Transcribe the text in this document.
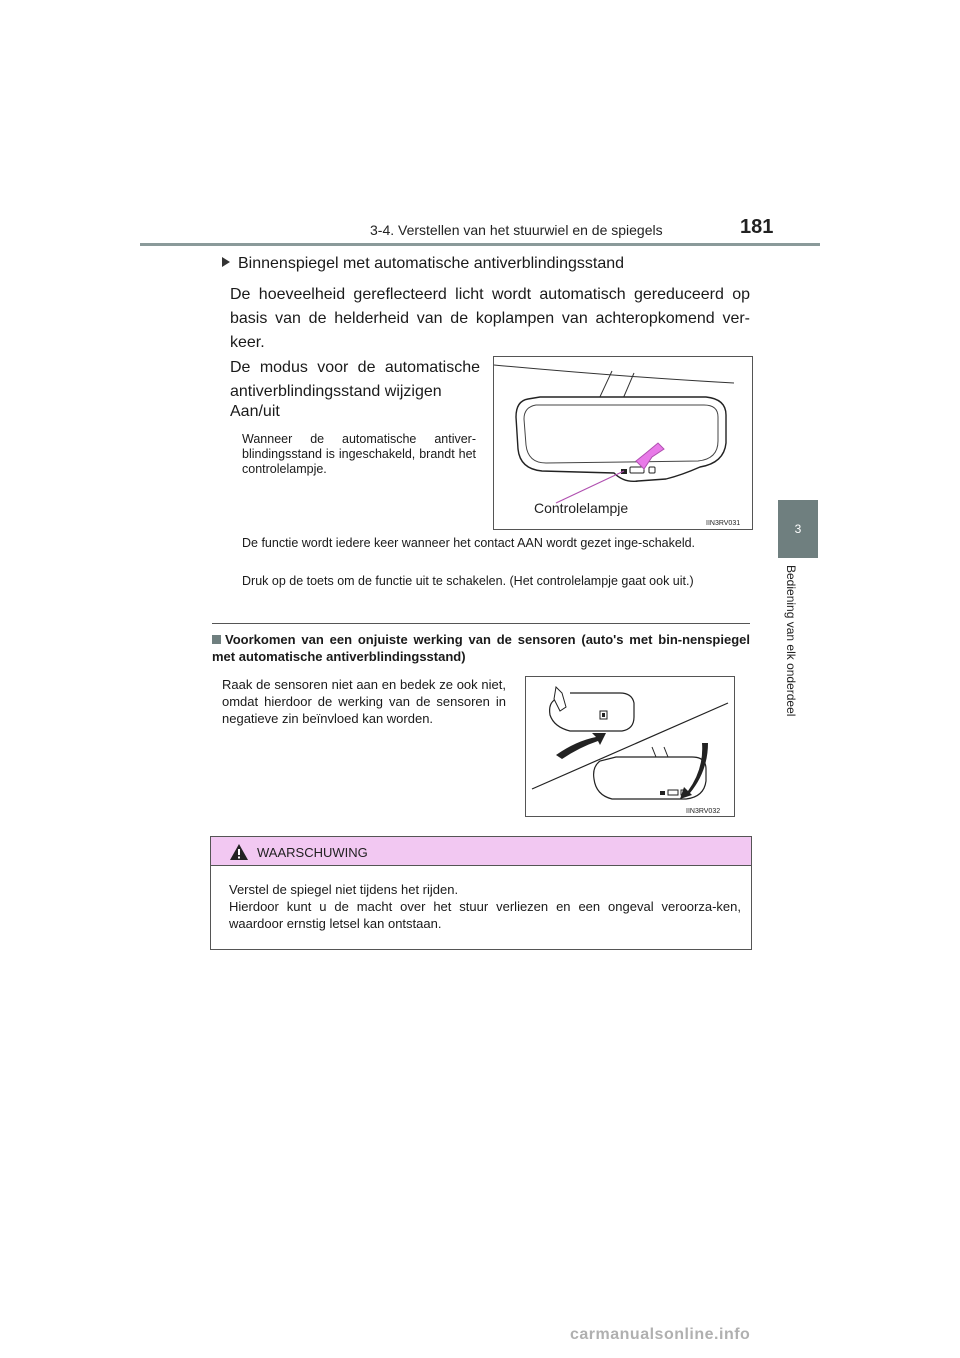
3-4. Verstellen van het stuurwiel en de spiegels	181
3
Bediening van elk onderdeel
Binnenspiegel met automatische antiverblindingsstand
De hoeveelheid gereflecteerd licht wordt automatisch gereduceerd op basis van de helderheid van de koplampen van achteropkomend ver-keer.
De modus voor de automatische antiverblindingsstand wijzigen
Aan/uit
Wanneer de automatische antiver-blindingsstand is ingeschakeld, brandt het controlelampje.
De functie wordt iedere keer wanneer het contact AAN wordt gezet inge-schakeld.
Druk op de toets om de functie uit te schakelen. (Het controlelampje gaat ook uit.)
Controlelampje
IIN3RV031
Voorkomen van een onjuiste werking van de sensoren (auto's met bin-nenspiegel met automatische antiverblindingsstand)
Raak de sensoren niet aan en bedek ze ook niet, omdat hierdoor de werking van de sensoren in negatieve zin beïnvloed kan worden.
IIN3RV032
WAARSCHUWING
Verstel de spiegel niet tijdens het rijden.
Hierdoor kunt u de macht over het stuur verliezen en een ongeval veroorza-ken, waardoor ernstig letsel kan ontstaan.
carmanualsonline.info
